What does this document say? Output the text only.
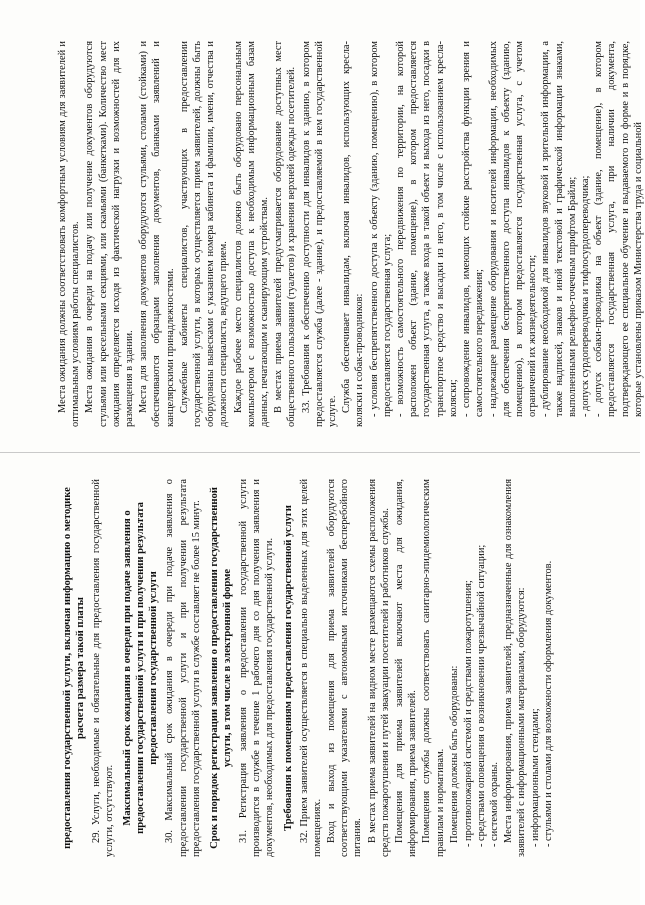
предоставления государственной услуги, включая информацию о методике расчета размера такой платы 29. Услуги, необходимые и обязательные для предоставления государственной услуги, отсутствуют. Максимальный срок ожидания в очереди при подаче заявления о предоставлении государственной услуги и при получении результата предоставления государственной услуги 30. Максимальный срок ожидания в очереди при подаче заявления о предоставлении государственной услуги и при получении результата предоставления государственной услуги в службе составляет не более 15 минут. Срок и порядок регистрации заявления о предоставлении государственной услуги, в том числе в электронной форме 31. Регистрация заявления о предоставлении государственной услуги производится в службе в течение 1 рабочего дня со дня получения заявления и документов, необходимых для предоставления государственной услуги. Требования к помещениям предоставления государственной услуги 32. Прием заявителей осуществляется в специально выделенных для этих целей помещениях. Вход и выход из помещения для приема заявителей оборудуются соответствующими указателями с автономными источниками бесперебойного питания. В местах приема заявителей на видном месте размещаются схемы расположения средств пожаротушения и путей эвакуации посетителей и работников службы. Помещения для приема заявителей включают места для ожидания, информирования, приема заявителей. Помещения службы должны соответствовать санитарно-эпидемиологическим правилам и нормативам. Помещения должны быть оборудованы: - противопожарной системой и средствами пожаротушения; - средствами оповещения о возникновении чрезвычайной ситуации; - системой охраны. Места информирования, приема заявителей, предназначенные для ознакомления заявителей с информационными материалами, оборудуются: - информационными стендами; - стульями и столами для возможности оформления документов.

Места ожидания должны соответствовать комфортным условиям для заявителей и оптимальным условиям работы специалистов. Места ожидания в очереди на подачу или получение документов оборудуются стульями или кресельными секциями, или скамьями (банкетками). Количество мест ожидания определяется исходя из фактической нагрузки и возможностей для их размещения в здании. Места для заполнения документов оборудуются стульями, столами (стойками) и обеспечиваются образцами заполнения документов, бланками заявлений и канцелярскими принадлежностями. Служебные кабинеты специалистов, участвующих в предоставлении государственной услуги, в которых осуществляется прием заявителей, должны быть оборудованы вывесками с указанием номера кабинета и фамилии, имени, отчества и должности специалиста, ведущего прием. Каждое рабочее место специалистов должно быть оборудовано персональным компьютером с возможностью доступа к необходимым информационным базам данных, печатающим и сканирующим устройствам. В местах приема заявителей предусматривается оборудование доступных мест общественного пользования (туалетов) и хранения верхней одежды посетителей. 33. Требования к обеспечению доступности для инвалидов к зданию, в котором предоставляется служба (далее - здание), и предоставляемой в нем государственной услуге. Служба обеспечивает инвалидам, включая инвалидов, использующих кресла-коляски и собак-проводников: - условия беспрепятственного доступа к объекту (зданию, помещению), в котором предоставляется государственная услуга; - возможность самостоятельного передвижения по территории, на которой расположен объект (здание, помещение), в котором предоставляется государственная услуга, а также входа в такой объект и выхода из него, посадки в транспортное средство и высадки из него, в том числе с использованием кресла-коляски; - сопровождение инвалидов, имеющих стойкие расстройства функции зрения и самостоятельного передвижения; - надлежащее размещение оборудования и носителей информации, необходимых для обеспечения беспрепятственного доступа инвалидов к объекту (зданию, помещению), в котором предоставляется государственная услуга, с учетом ограничений их жизнедеятельности; - дублирование необходимой для инвалидов звуковой и зрительной информации, а также надписей, знаков и иной текстовой и графической информации знаками, выполненными рельефно-точечным шрифтом Брайля; - допуск сурдопереводчика и тифлосурдопереводчика; - допуск собаки-проводника на объект (здание, помещение), в котором предоставляется государственная услуга, при наличии документа, подтверждающего ее специальное обучение и выдаваемого по форме и в порядке, которые установлены приказом Министерства труда и социальной
